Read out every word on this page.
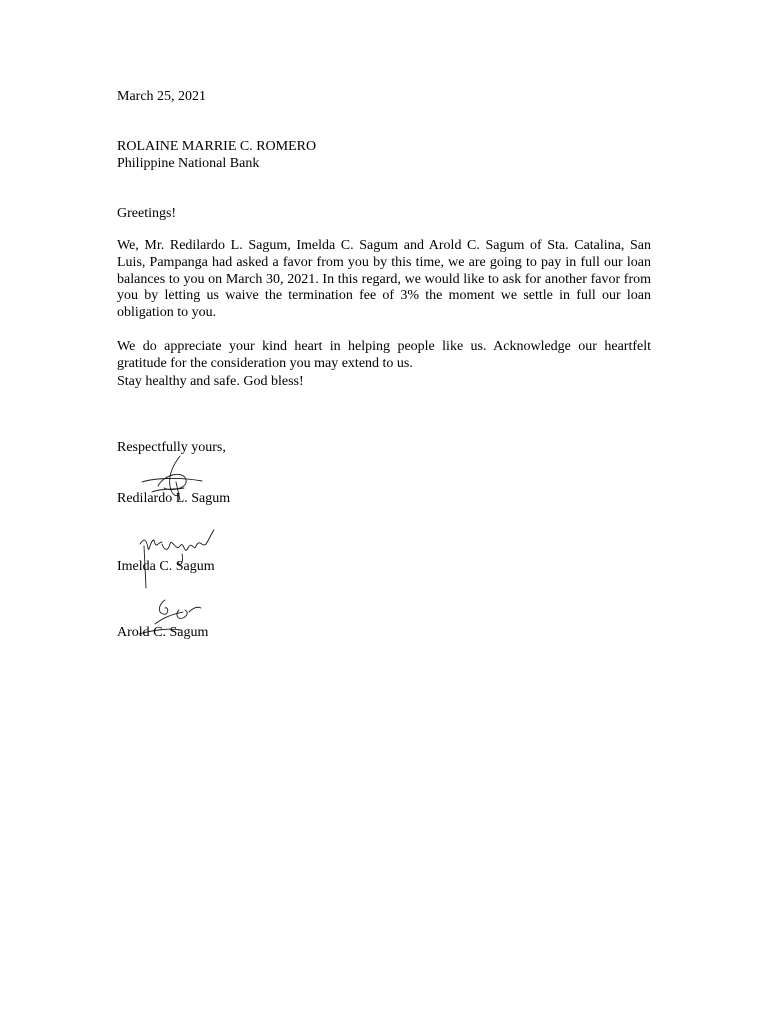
March 25, 2021
ROLAINE MARRIE C. ROMERO
Philippine National Bank
Greetings!
We, Mr. Redilardo L. Sagum, Imelda C. Sagum and Arold C. Sagum of Sta. Catalina, San Luis, Pampanga had asked a favor from you by this time, we are going to pay in full our loan balances to you on March 30, 2021. In this regard, we would like to ask for another favor from you by letting us waive the termination fee of 3% the moment we settle in full our loan obligation to you.
We do appreciate your kind heart in helping people like us. Acknowledge our heartfelt gratitude for the consideration you may extend to us.
Stay healthy and safe. God bless!
Respectfully yours,
Redilardo L. Sagum
Imelda C. Sagum
Arold C. Sagum
